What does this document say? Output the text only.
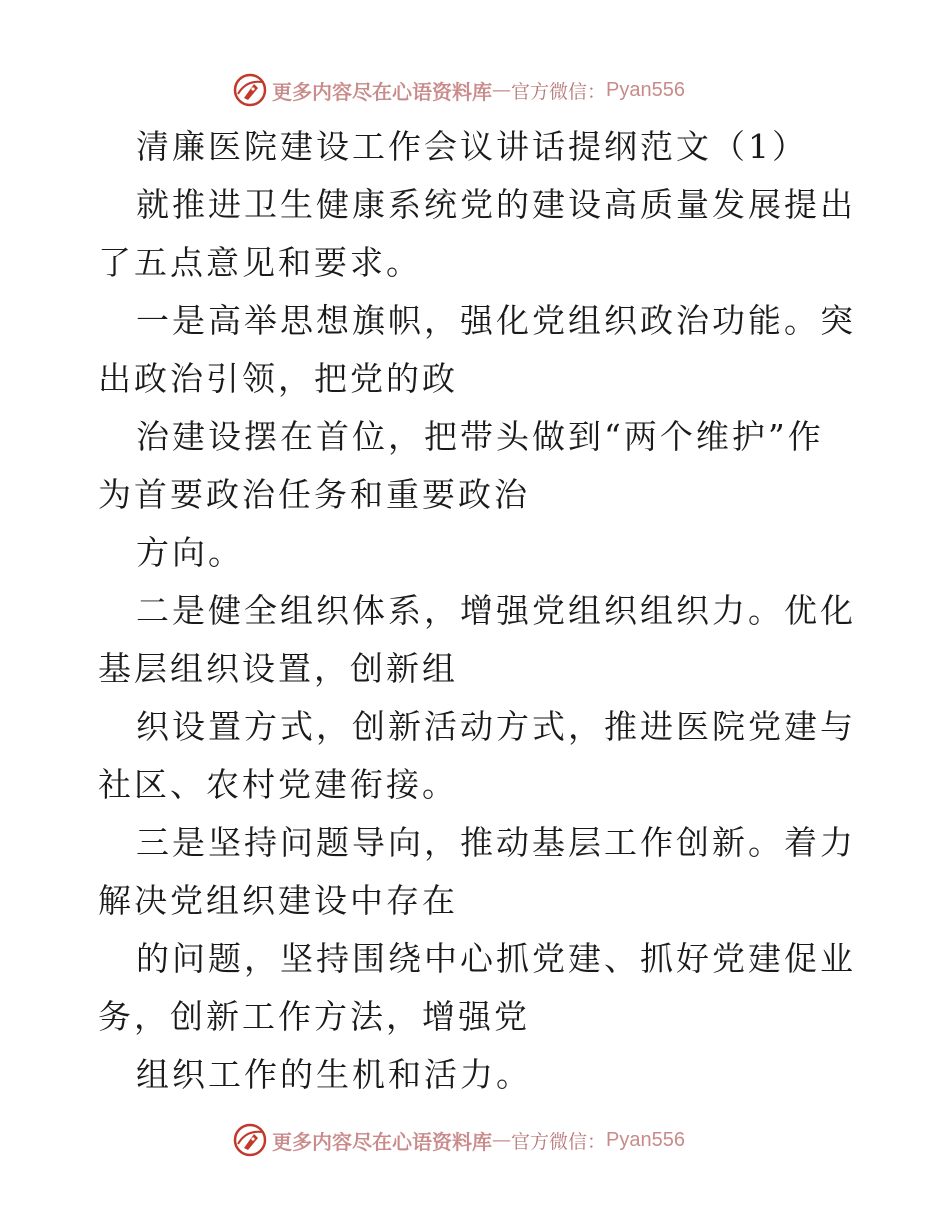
更多内容尽在心语资料库 — 官方微信： Pyan556

清廉医院建设工作会议讲话提纲范文（1）

就推进卫生健康系统党的建设高质量发展提出了五点意见和要求。

一是高举思想旗帜，强化党组织政治功能。突出政治引领，把党的政

治建设摆在首位，把带头做到“两个维护”作为首要政治任务和重要政治

方向。

二是健全组织体系，增强党组织组织力。优化基层组织设置，创新组

织设置方式，创新活动方式，推进医院党建与社区、农村党建衔接。

三是坚持问题导向，推动基层工作创新。着力解决党组织建设中存在

的问题，坚持围绕中心抓党建、抓好党建促业务，创新工作方法，增强党

组织工作的生机和活力。

更多内容尽在心语资料库 — 官方微信： Pyan556
